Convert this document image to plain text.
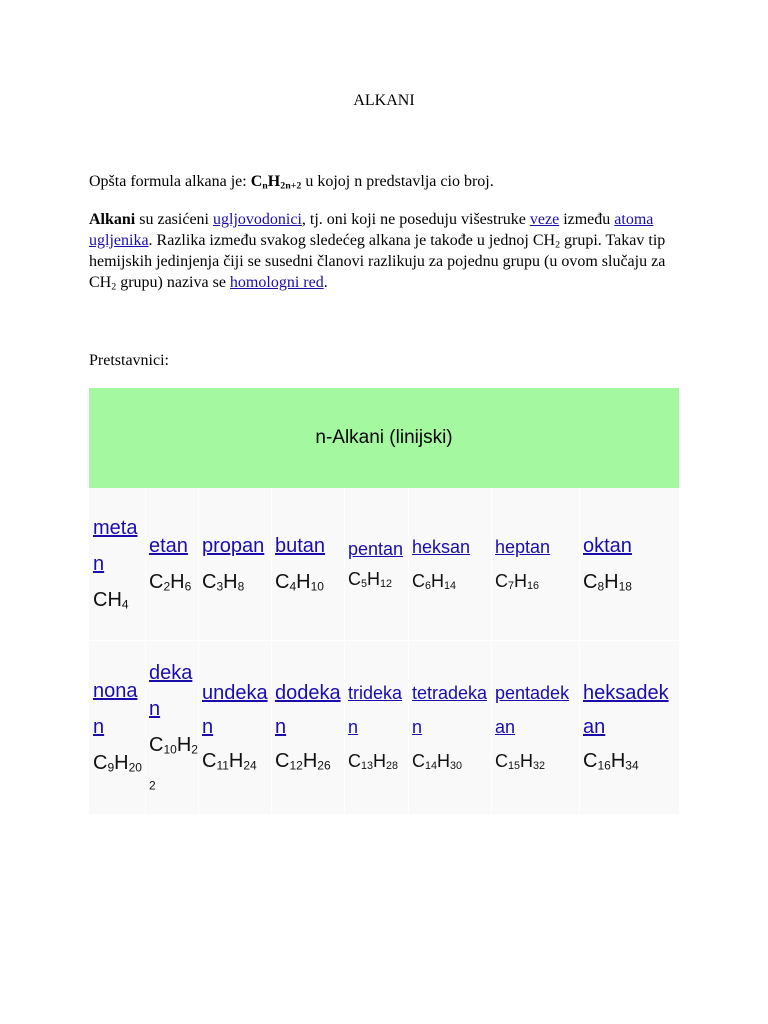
ALKANI
Opšta formula alkana je: $C_nH_{2n+2}$ u kojoj n predstavlja cio broj.
Alkani su zasićeni ugljovodonici, tj. oni koji ne poseduju višestruke veze između atoma ugljenika. Razlika između svakog sledećeg alkana je takođe u jednoj $CH_2$ grupi. Takav tip hemijskih jedinjenja čiji se susedni članovi razlikuju za pojednu grupu (u ovom slučaju za $CH_2$ grupu) naziva se homologni red.
Pretstavnici:
n-Alkani (linijski)
metan
$CH_4$
etan
$C_2H_6$
propan
$C_3H_8$
butan
$C_4H_{10}$
pentan
$C_5H_{12}$
heksan
$C_6H_{14}$
heptan
$C_7H_{16}$
oktan
$C_8H_{18}$
nonan
$C_9H_{20}$
dekan
$C_{10}H_{22}$
undekan
$C_{11}H_{24}$
dodekan
$C_{12}H_{26}$
tridekan
$C_{13}H_{28}$
tetradekan
$C_{14}H_{30}$
pentadekan
$C_{15}H_{32}$
heksadekan
$C_{16}H_{34}$
